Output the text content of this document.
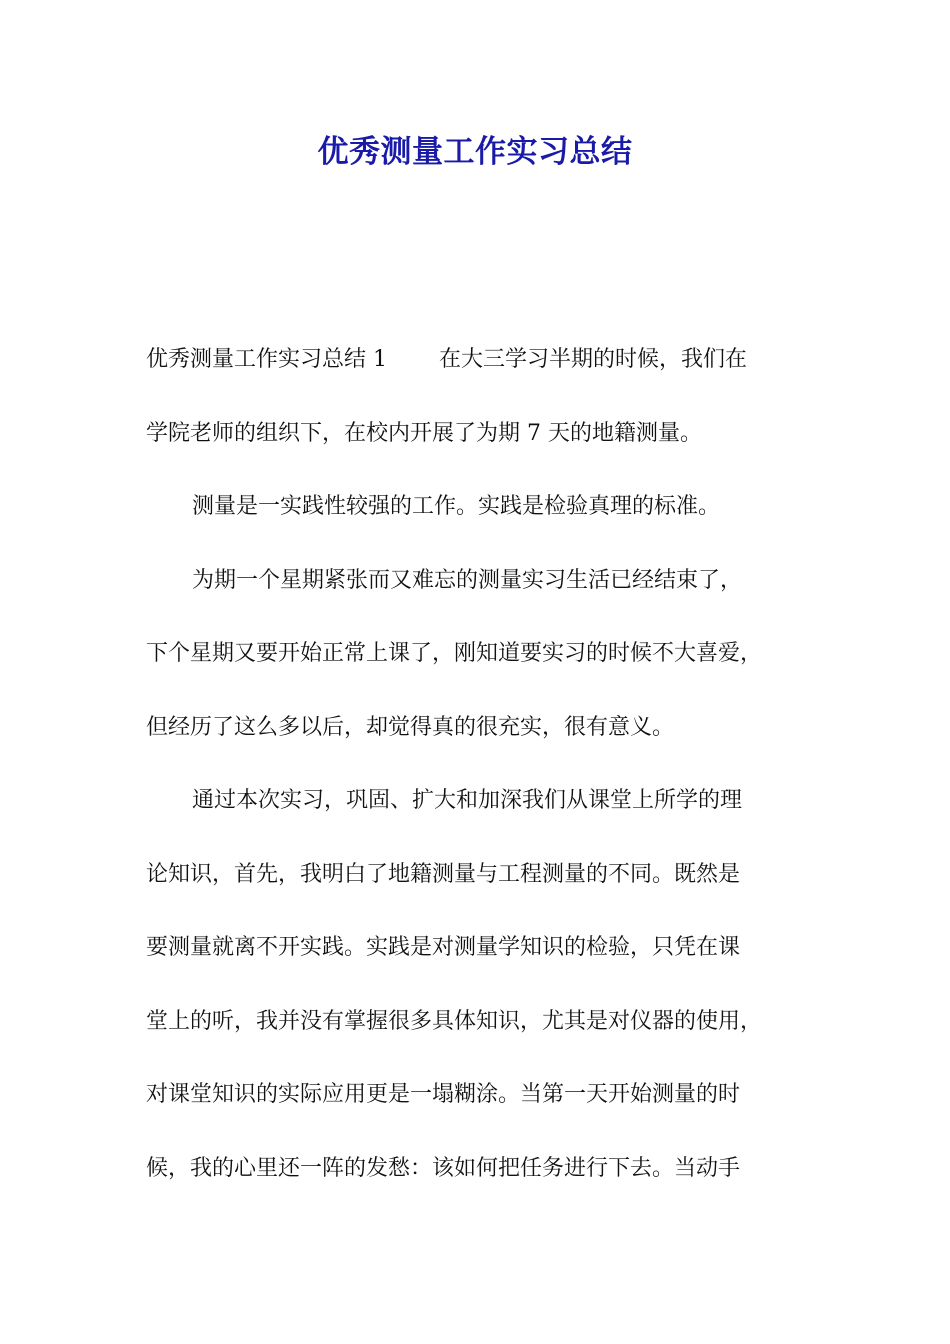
优秀测量工作实习总结

优秀测量工作实习总结 1 在大三学习半期的时候，我们在

学院老师的组织下，在校内开展了为期 7 天的地籍测量。

测量是一实践性较强的工作。实践是检验真理的标准。

为期一个星期紧张而又难忘的测量实习生活已经结束了，

下个星期又要开始正常上课了，刚知道要实习的时候不大喜爱，

但经历了这么多以后，却觉得真的很充实，很有意义。

通过本次实习，巩固、扩大和加深我们从课堂上所学的理

论知识，首先，我明白了地籍测量与工程测量的不同。既然是

要测量就离不开实践。实践是对测量学知识的检验，只凭在课

堂上的听，我并没有掌握很多具体知识，尤其是对仪器的使用，

对课堂知识的实际应用更是一塌糊涂。当第一天开始测量的时

候，我的心里还一阵的发愁：该如何把任务进行下去。当动手
